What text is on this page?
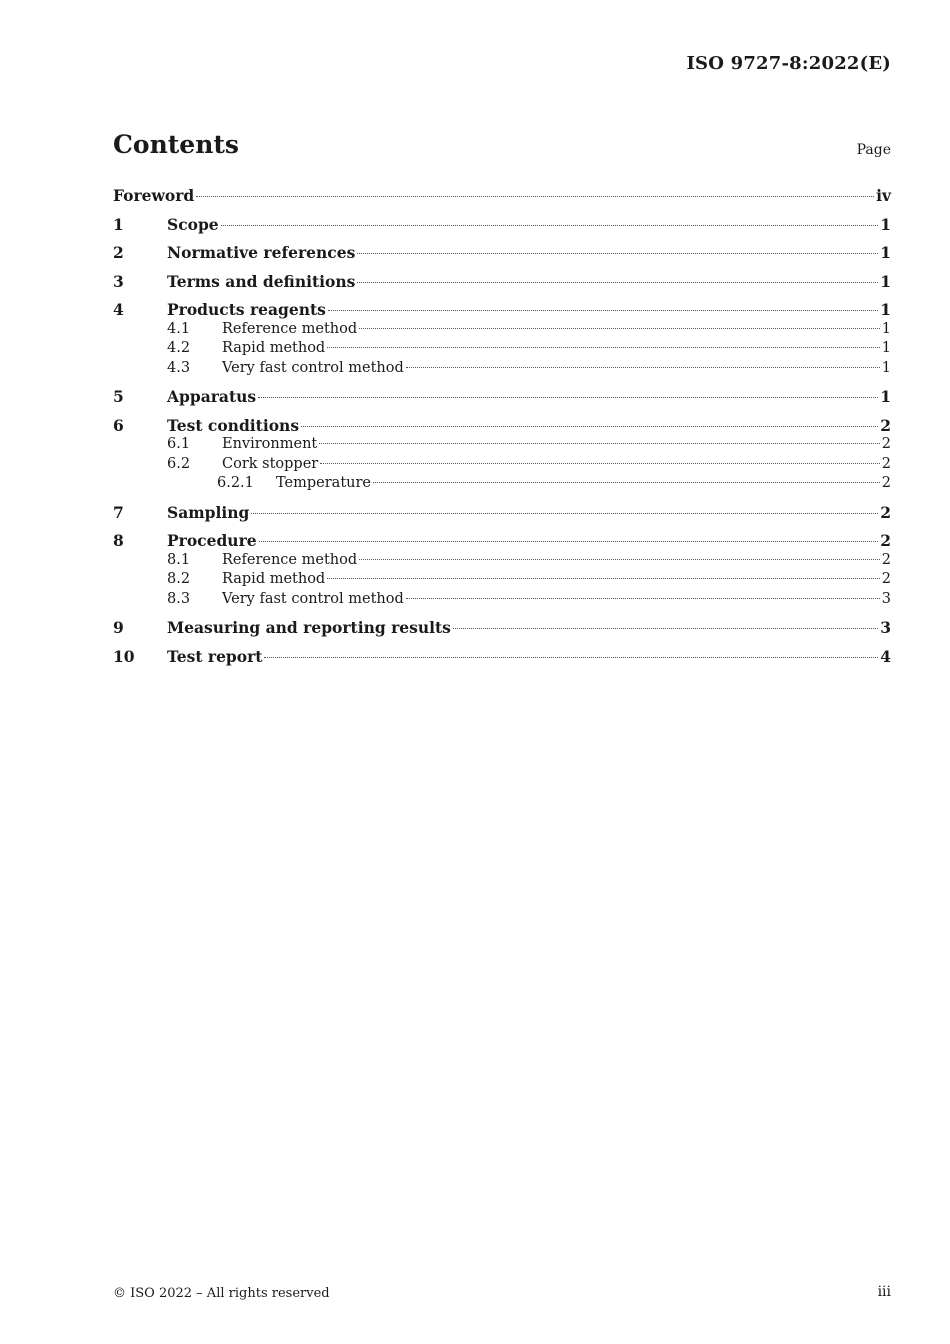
ISO 9727-8:2022(E)
Contents	Page
Foreword	iv
1	Scope	1
2	Normative references	1
3	Terms and definitions	1
4	Products reagents	1
4.1	Reference method	1
4.2	Rapid method	1
4.3	Very fast control method	1
5	Apparatus	1
6	Test conditions	2
6.1	Environment	2
6.2	Cork stopper	2
6.2.1	Temperature	2
7	Sampling	2
8	Procedure	2
8.1	Reference method	2
8.2	Rapid method	2
8.3	Very fast control method	3
9	Measuring and reporting results	3
10	Test report	4
© ISO 2022 – All rights reserved	iii
